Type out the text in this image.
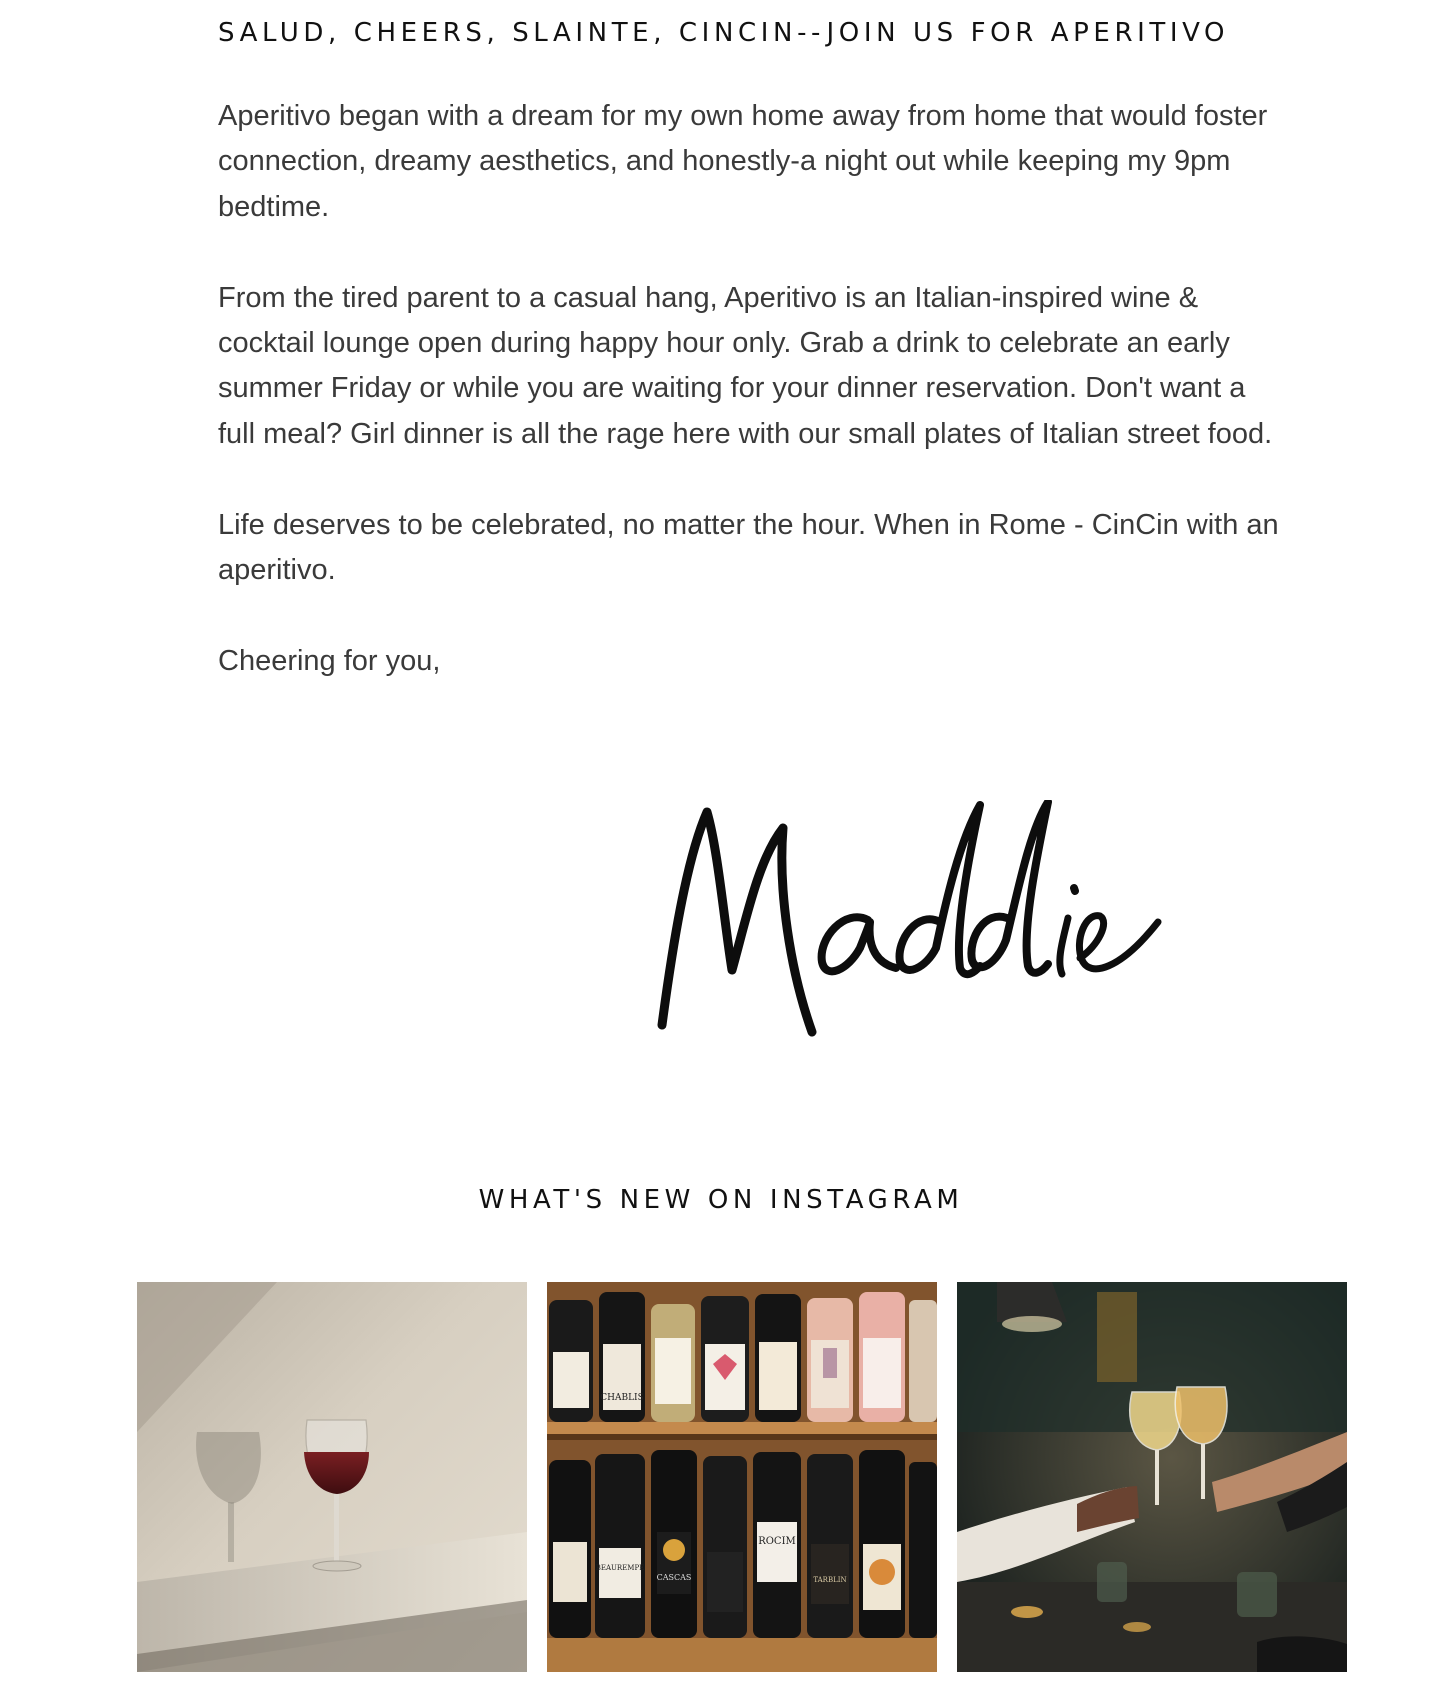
SALUD, CHEERS, SLAINTE, CINCIN--JOIN US FOR APERITIVO

Aperitivo began with a dream for my own home away from home that would foster connection, dreamy aesthetics, and honestly-a night out while keeping my 9pm bedtime.

From the tired parent to a casual hang, Aperitivo is an Italian-inspired wine & cocktail lounge open during happy hour only. Grab a drink to celebrate an early summer Friday or while you are waiting for your dinner reservation. Don't want a full meal? Girl dinner is all the rage here with our small plates of Italian street food.

Life deserves to be celebrated, no matter the hour. When in Rome - CinCin with an aperitivo.

Cheering for you,

WHAT'S NEW ON INSTAGRAM
CHABLIS
BEAUREMPE
CASCAS
ROCIM
TARBLIN
